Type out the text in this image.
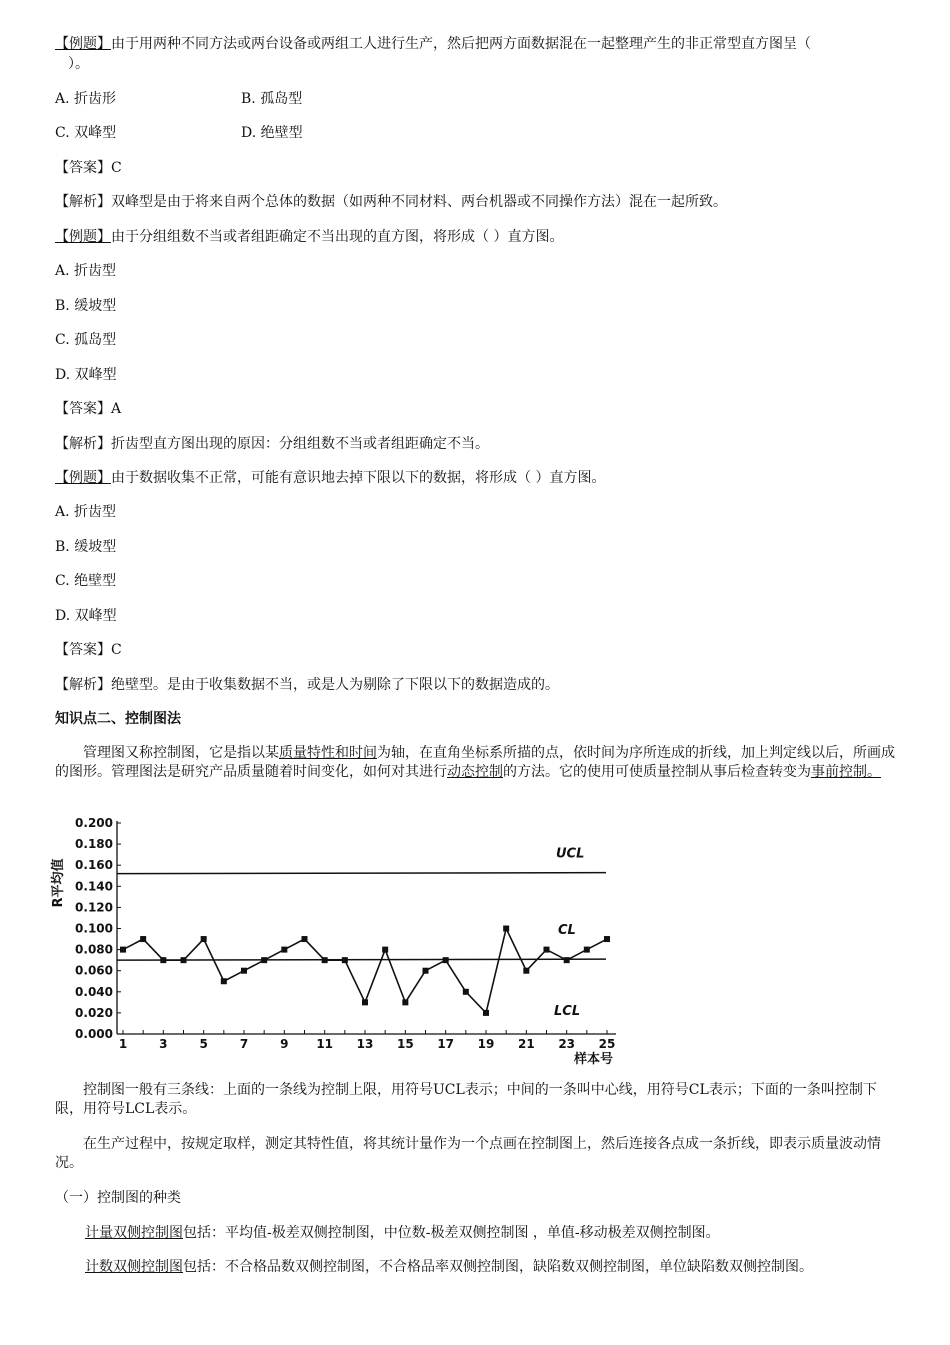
【例题】由于用两种不同方法或两台设备或两组工人进行生产，然后把两方面数据混在一起整理产生的非正常型直方图呈（
）。
A. 折齿形	B. 孤岛型
C. 双峰型	D. 绝壁型
【答案】C
【解析】双峰型是由于将来自两个总体的数据（如两种不同材料、两台机器或不同操作方法）混在一起所致。
【例题】由于分组组数不当或者组距确定不当出现的直方图，将形成（ ）直方图。
A. 折齿型
B. 缓坡型
C. 孤岛型
D. 双峰型
【答案】A
【解析】折齿型直方图出现的原因：分组组数不当或者组距确定不当。
【例题】由于数据收集不正常，可能有意识地去掉下限以下的数据，将形成（ ）直方图。
A. 折齿型
B. 缓坡型
C. 绝壁型
D. 双峰型
【答案】C
【解析】绝壁型。是由于收集数据不当，或是人为剔除了下限以下的数据造成的。
知识点二、控制图法
管理图又称控制图，它是指以某质量特性和时间为轴，在直角坐标系所描的点，依时间为序所连成的折线，加上判定线以后，所画成的图形。管理图法是研究产品质量随着时间变化，如何对其进行动态控制的方法。它的使用可使质量控制从事后检查转变为事前控制。
0.000
0.020
0.040
0.060
0.080
0.100
0.120
0.140
0.160
0.180
0.200
1	3	5	7	9 11 13 15 17 19 21 23 25
R平均值
样本号
UCL
CL
LCL
控制图一般有三条线：上面的一条线为控制上限，用符号UCL表示；中间的一条叫中心线，用符号CL表示；下面的一条叫控制下限，用符号LCL表示。
在生产过程中，按规定取样，测定其特性值，将其统计量作为一个点画在控制图上，然后连接各点成一条折线，即表示质量波动情况。
（一）控制图的种类
计量双侧控制图包括：平均值-极差双侧控制图，中位数-极差双侧控制图 ，单值-移动极差双侧控制图。
计数双侧控制图包括：不合格品数双侧控制图，不合格品率双侧控制图，缺陷数双侧控制图，单位缺陷数双侧控制图。
